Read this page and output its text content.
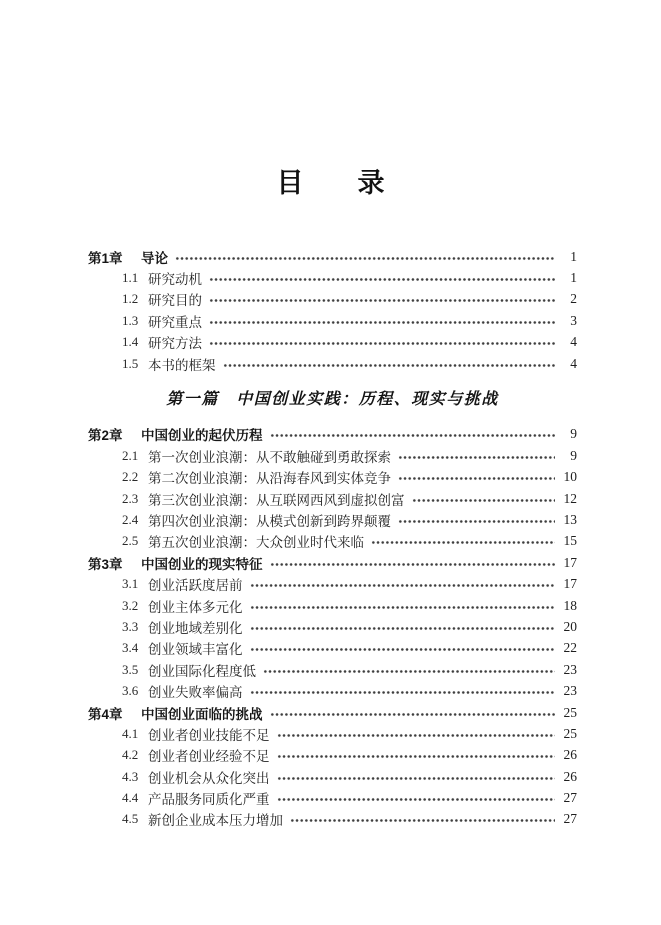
目　　录
第1章	导论	1
1.1 研究动机	1
1.2 研究目的	2
1.3 研究重点	3
1.4 研究方法	4
1.5 本书的框架	4
第一篇　中国创业实践：历程、现实与挑战
第2章	中国创业的起伏历程	9
2.1 第一次创业浪潮：从不敢触碰到勇敢探索	9
2.2 第二次创业浪潮：从沿海春风到实体竞争	10
2.3 第三次创业浪潮：从互联网西风到虚拟创富	12
2.4 第四次创业浪潮：从模式创新到跨界颠覆	13
2.5 第五次创业浪潮：大众创业时代来临	15
第3章	中国创业的现实特征	17
3.1 创业活跃度居前	17
3.2 创业主体多元化	18
3.3 创业地域差别化	20
3.4 创业领域丰富化	22
3.5 创业国际化程度低	23
3.6 创业失败率偏高	23
第4章	中国创业面临的挑战	25
4.1 创业者创业技能不足	25
4.2 创业者创业经验不足	26
4.3 创业机会从众化突出	26
4.4 产品服务同质化严重	27
4.5 新创企业成本压力增加	27
